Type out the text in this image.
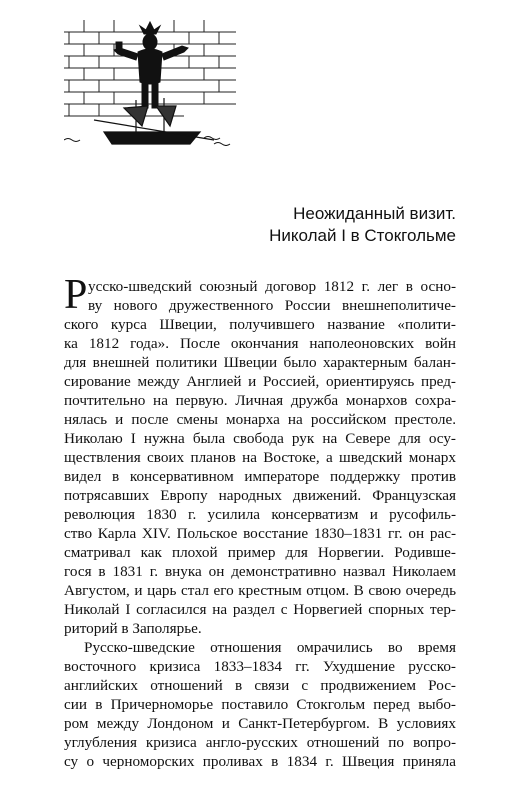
Неожиданный визит.
Николай I в Стокгольме
Р усско-шведский союзный договор 1812 г. лег в осно-
ву нового дружественного России внешнеполитиче-
ского курса Швеции, получившего название «полити-
ка 1812 года». После окончания наполеоновских войн
для внешней политики Швеции было характерным балан-
сирование между Англией и Россией, ориентируясь пред-
почтительно на первую. Личная дружба монархов сохра-
нялась и после смены монарха на российском престоле.
Николаю I нужна была свобода рук на Севере для осу-
ществления своих планов на Востоке, а шведский монарх
видел в консервативном императоре поддержку против
потрясавших Европу народных движений. Французская
революция 1830 г. усилила консерватизм и русофиль-
ство Карла XIV. Польское восстание 1830–1831 гг. он рас-
сматривал как плохой пример для Норвегии. Родившe-
гося в 1831 г. внука он демонстративно назвал Николаем
Августом, и царь стал его крестным отцом. В свою очередь
Николай I согласился на раздел с Норвегией спорных тер-
риторий в Заполярье.
Русско-шведские отношения омрачились во время
восточного кризиса 1833–1834 гг. Ухудшение русско-
английских отношений в связи с продвижением Рос-
сии в Причерноморье поставило Стокгольм перед выбо-
ром между Лондоном и Санкт-Петербургом. В условиях
углубления кризиса англо-русских отношений по вопро-
су о черноморских проливах в 1834 г. Швеция приняла
